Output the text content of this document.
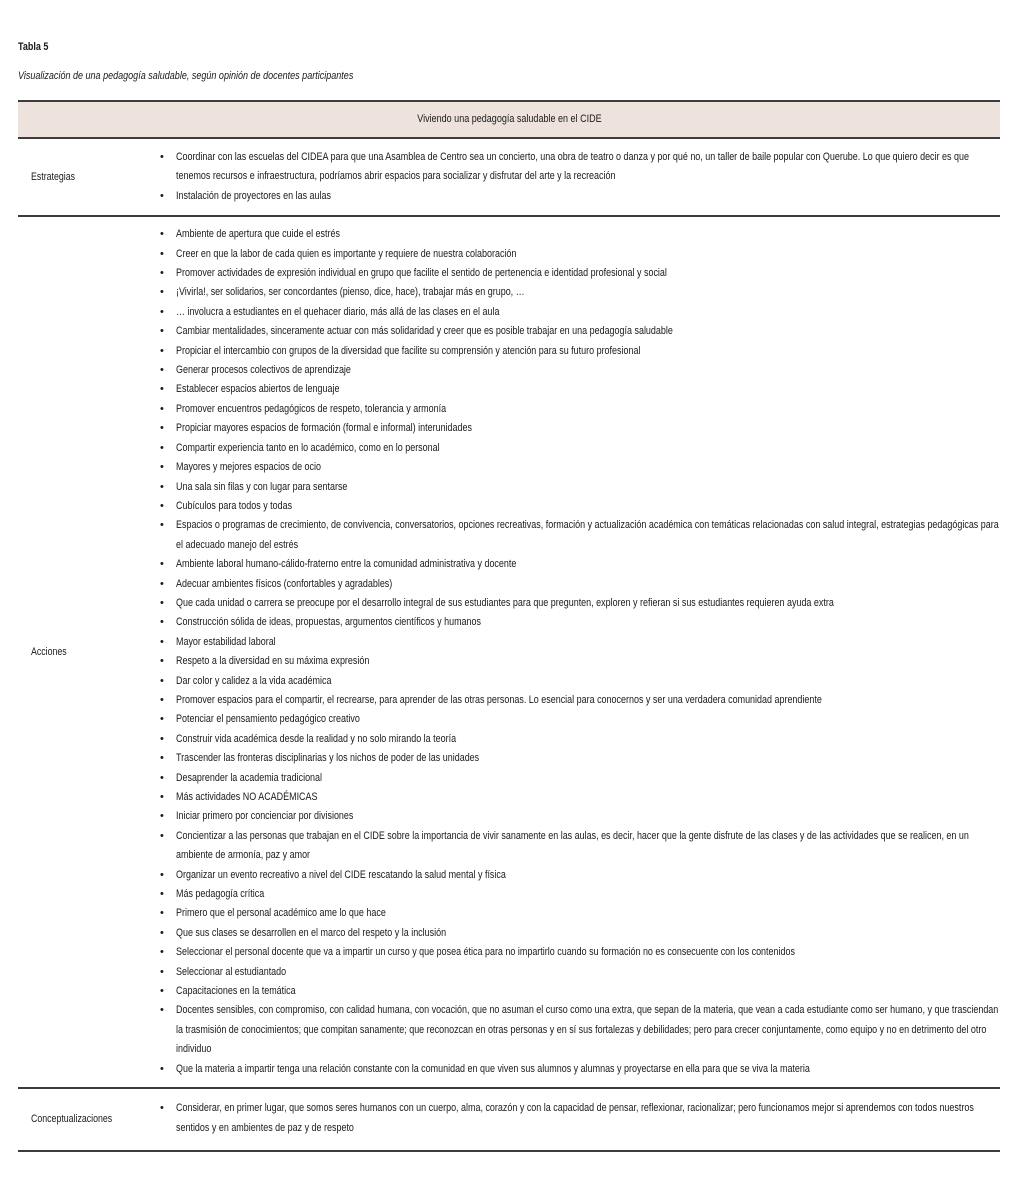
Tabla 5
Visualización de una pedagogía saludable, según opinión de docentes participantes
Viviendo una pedagogía saludable en el CIDE
Estrategias
• Coordinar con las escuelas del CIDEA para que una Asamblea de Centro sea un concierto, una obra de teatro o danza y por qué no, un taller de baile popular con Querube. Lo que quiero decir es que tenemos recursos e infraestructura, podríamos abrir espacios para socializar y disfrutar del arte y la recreación
• Instalación de proyectores en las aulas
Acciones
• Ambiente de apertura que cuide el estrés
• Creer en que la labor de cada quien es importante y requiere de nuestra colaboración
• Promover actividades de expresión individual en grupo que facilite el sentido de pertenencia e identidad profesional y social
• ¡Vivirla!, ser solidarios, ser concordantes (pienso, dice, hace), trabajar más en grupo, …
• … involucra a estudiantes en el quehacer diario, más allá de las clases en el aula
• Cambiar mentalidades, sinceramente actuar con más solidaridad y creer que es posible trabajar en una pedagogía saludable
• Propiciar el intercambio con grupos de la diversidad que facilite su comprensión y atención para su futuro profesional
• Generar procesos colectivos de aprendizaje
• Establecer espacios abiertos de lenguaje
• Promover encuentros pedagógicos de respeto, tolerancia y armonía
• Propiciar mayores espacios de formación (formal e informal) interunidades
• Compartir experiencia tanto en lo académico, como en lo personal
• Mayores y mejores espacios de ocio
• Una sala sin filas y con lugar para sentarse
• Cubículos para todos y todas
• Espacios o programas de crecimiento, de convivencia, conversatorios, opciones recreativas, formación y actualización académica con temáticas relacionadas con salud integral, estrategias pedagógicas para el adecuado manejo del estrés
• Ambiente laboral humano-cálido-fraterno entre la comunidad administrativa y docente
• Adecuar ambientes físicos (confortables y agradables)
• Que cada unidad o carrera se preocupe por el desarrollo integral de sus estudiantes para que pregunten, exploren y refieran si sus estudiantes requieren ayuda extra
• Construcción sólida de ideas, propuestas, argumentos científicos y humanos
• Mayor estabilidad laboral
• Respeto a la diversidad en su máxima expresión
• Dar color y calidez a la vida académica
• Promover espacios para el compartir, el recrearse, para aprender de las otras personas. Lo esencial para conocernos y ser una verdadera comunidad aprendiente
• Potenciar el pensamiento pedagógico creativo
• Construir vida académica desde la realidad y no solo mirando la teoría
• Trascender las fronteras disciplinarias y los nichos de poder de las unidades
• Desaprender la academia tradicional
• Más actividades NO ACADÉMICAS
• Iniciar primero por concienciar por divisiones
• Concientizar a las personas que trabajan en el CIDE sobre la importancia de vivir sanamente en las aulas, es decir, hacer que la gente disfrute de las clases y de las actividades que se realicen, en un ambiente de armonía, paz y amor
• Organizar un evento recreativo a nivel del CIDE rescatando la salud mental y física
• Más pedagogía crítica
• Primero que el personal académico ame lo que hace
• Que sus clases se desarrollen en el marco del respeto y la inclusión
• Seleccionar el personal docente que va a impartir un curso y que posea ética para no impartirlo cuando su formación no es consecuente con los contenidos
• Seleccionar al estudiantado
• Capacitaciones en la temática
• Docentes sensibles, con compromiso, con calidad humana, con vocación, que no asuman el curso como una extra, que sepan de la materia, que vean a cada estudiante como ser humano, y que trasciendan la trasmisión de conocimientos; que compitan sanamente; que reconozcan en otras personas y en sí sus fortalezas y debilidades; pero para crecer conjuntamente, como equipo y no en detrimento del otro individuo
• Que la materia a impartir tenga una relación constante con la comunidad en que viven sus alumnos y alumnas y proyectarse en ella para que se viva la materia
Conceptualizaciones
• Considerar, en primer lugar, que somos seres humanos con un cuerpo, alma, corazón y con la capacidad de pensar, reflexionar, racionalizar; pero funcionamos mejor si aprendemos con todos nuestros sentidos y en ambientes de paz y de respeto
